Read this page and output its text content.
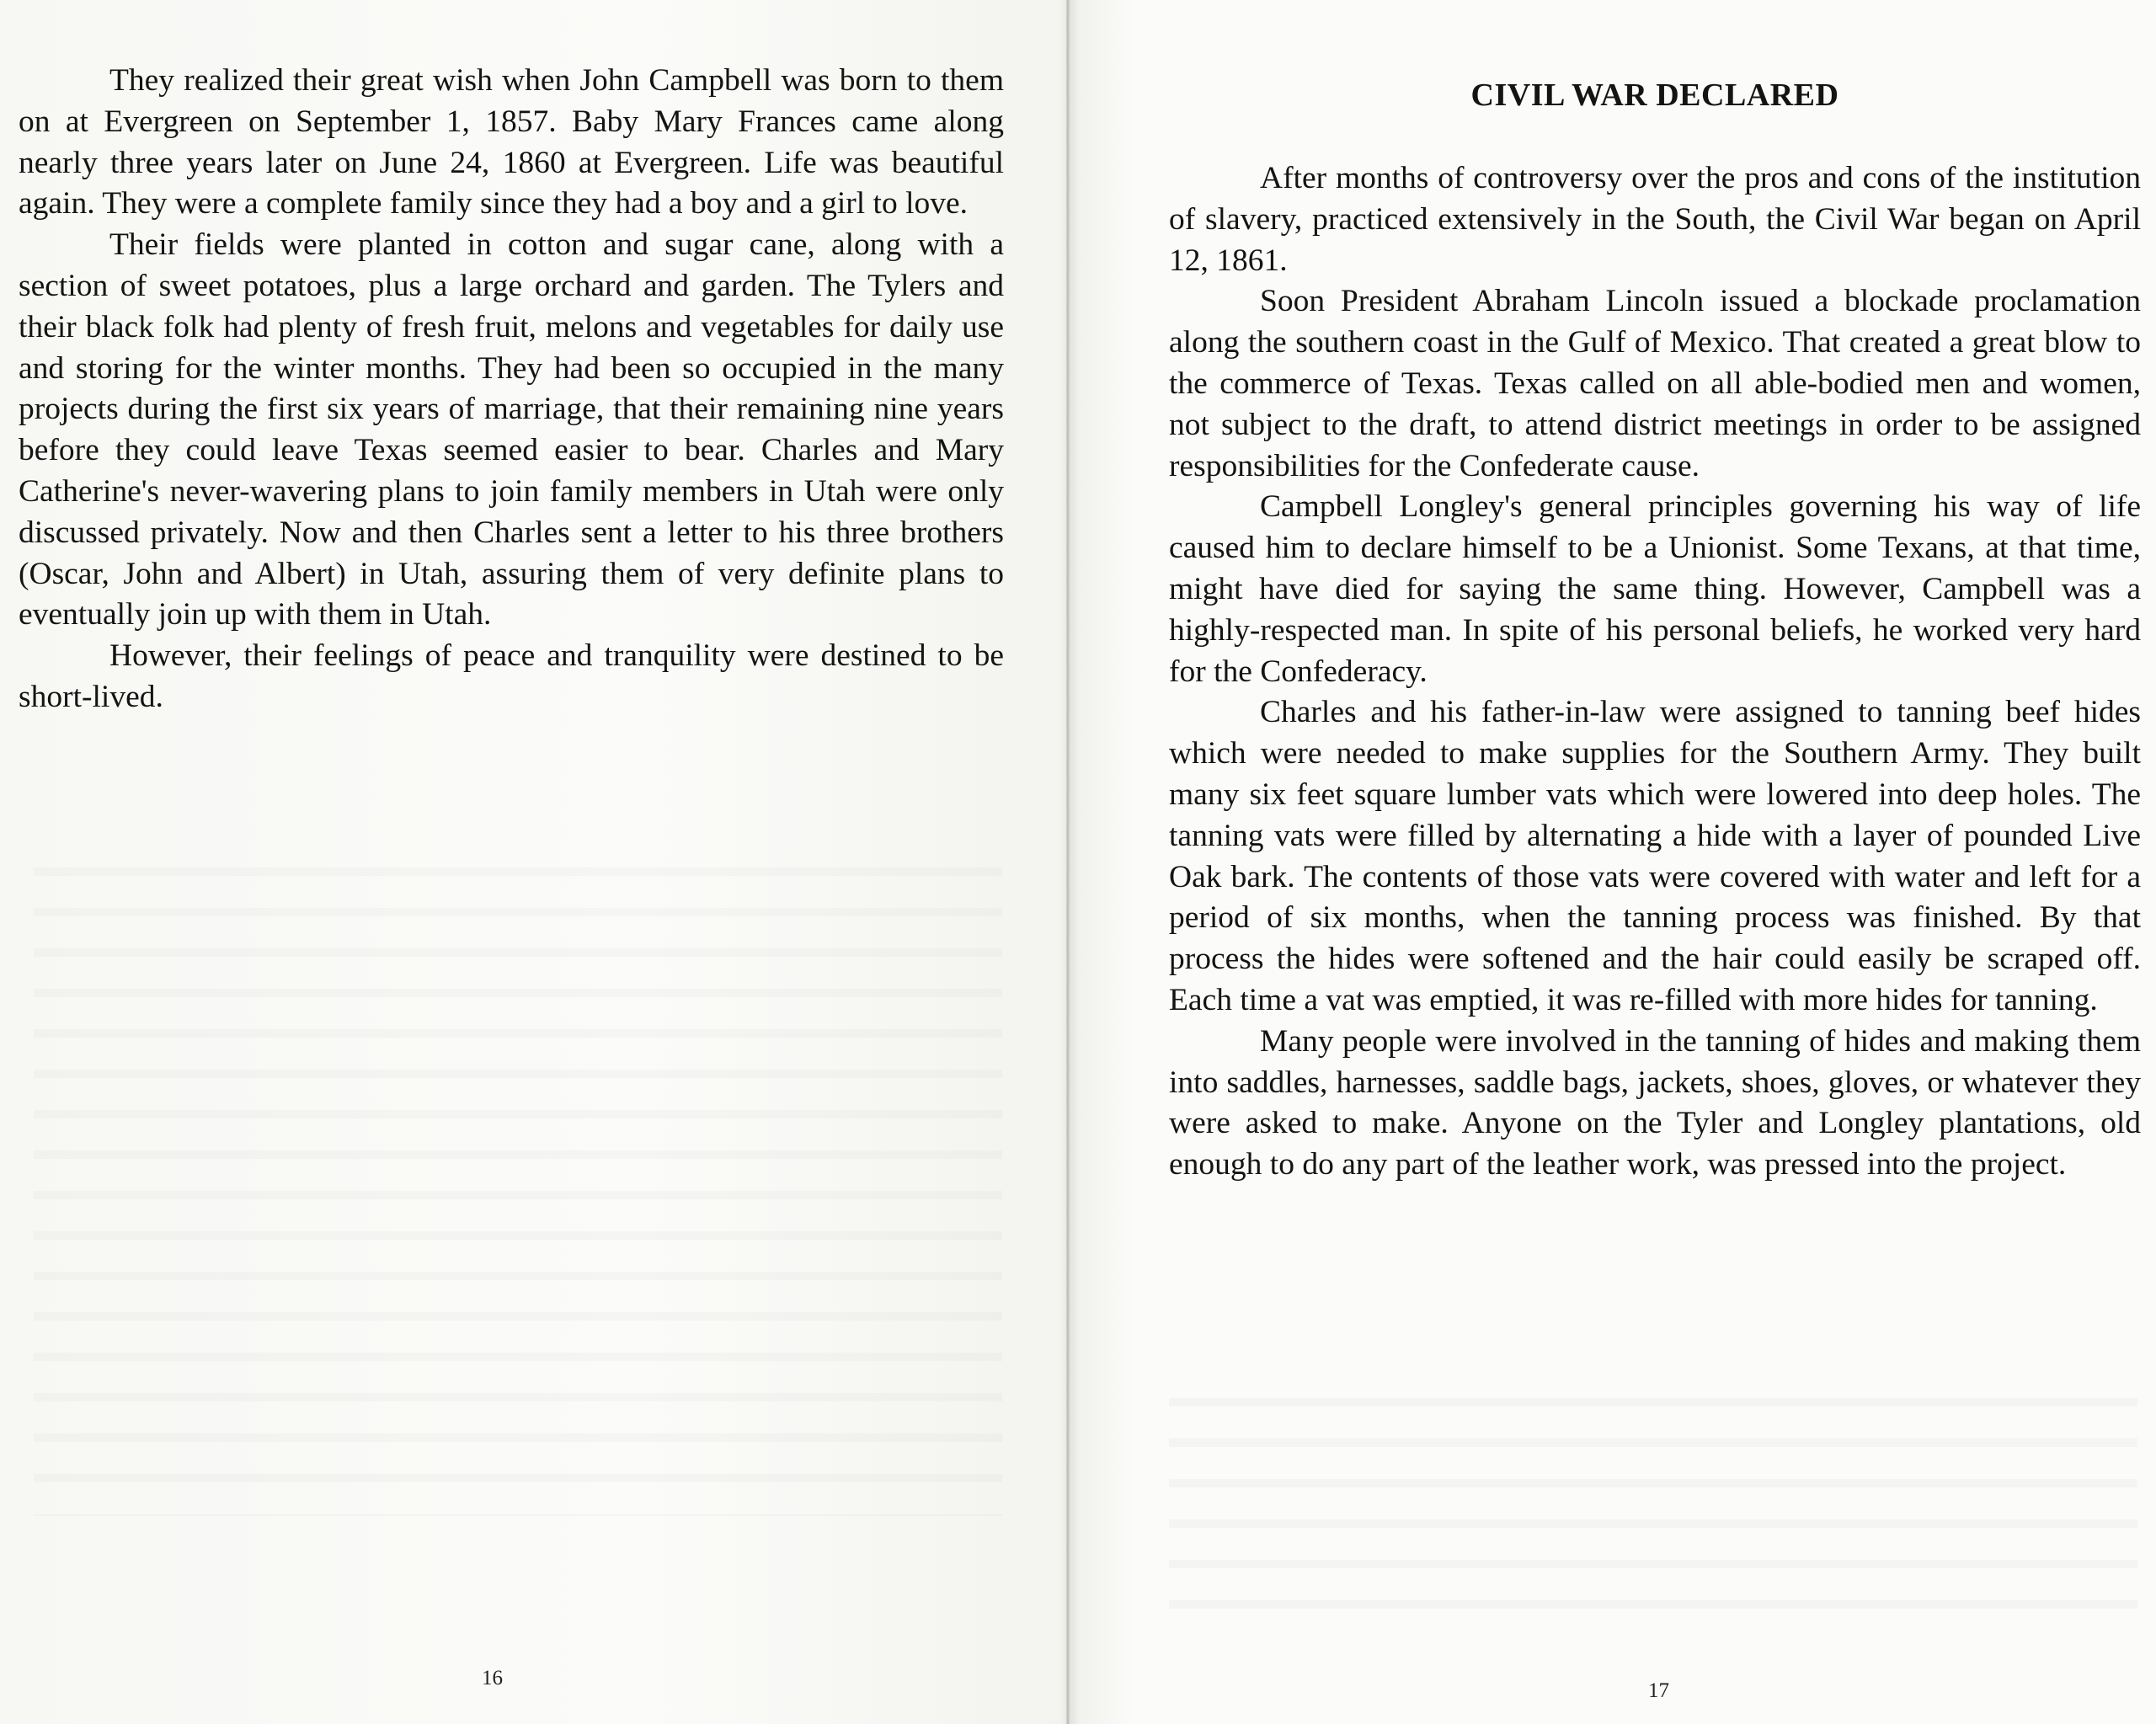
They realized their great wish when John Campbell was born to them on at Evergreen on September 1, 1857. Baby Mary Frances came along nearly three years later on June 24, 1860 at Evergreen. Life was beautiful again. They were a complete family since they had a boy and a girl to love.

Their fields were planted in cotton and sugar cane, along with a section of sweet potatoes, plus a large orchard and garden. The Tylers and their black folk had plenty of fresh fruit, melons and vegetables for daily use and storing for the winter months. They had been so occupied in the many projects during the first six years of marriage, that their remaining nine years before they could leave Texas seemed easier to bear. Charles and Mary Catherine's never-wavering plans to join family members in Utah were only discussed privately. Now and then Charles sent a letter to his three brothers (Oscar, John and Albert) in Utah, assuring them of very definite plans to eventually join up with them in Utah.

However, their feelings of peace and tranquility were destined to be short-lived.

16
CIVIL WAR DECLARED

After months of controversy over the pros and cons of the institution of slavery, practiced extensively in the South, the Civil War began on April 12, 1861.

Soon President Abraham Lincoln issued a blockade proclamation along the southern coast in the Gulf of Mexico. That created a great blow to the commerce of Texas. Texas called on all able-bodied men and women, not subject to the draft, to attend district meetings in order to be assigned responsibilities for the Confederate cause.

Campbell Longley's general principles governing his way of life caused him to declare himself to be a Unionist. Some Texans, at that time, might have died for saying the same thing. However, Campbell was a highly-respected man. In spite of his personal beliefs, he worked very hard for the Confederacy.

Charles and his father-in-law were assigned to tanning beef hides which were needed to make supplies for the Southern Army. They built many six feet square lumber vats which were lowered into deep holes. The tanning vats were filled by alternating a hide with a layer of pounded Live Oak bark. The contents of those vats were covered with water and left for a period of six months, when the tanning process was finished. By that process the hides were softened and the hair could easily be scraped off. Each time a vat was emptied, it was re-filled with more hides for tanning.

Many people were involved in the tanning of hides and making them into saddles, harnesses, saddle bags, jackets, shoes, gloves, or whatever they were asked to make. Anyone on the Tyler and Longley plantations, old enough to do any part of the leather work, was pressed into the project.

17
